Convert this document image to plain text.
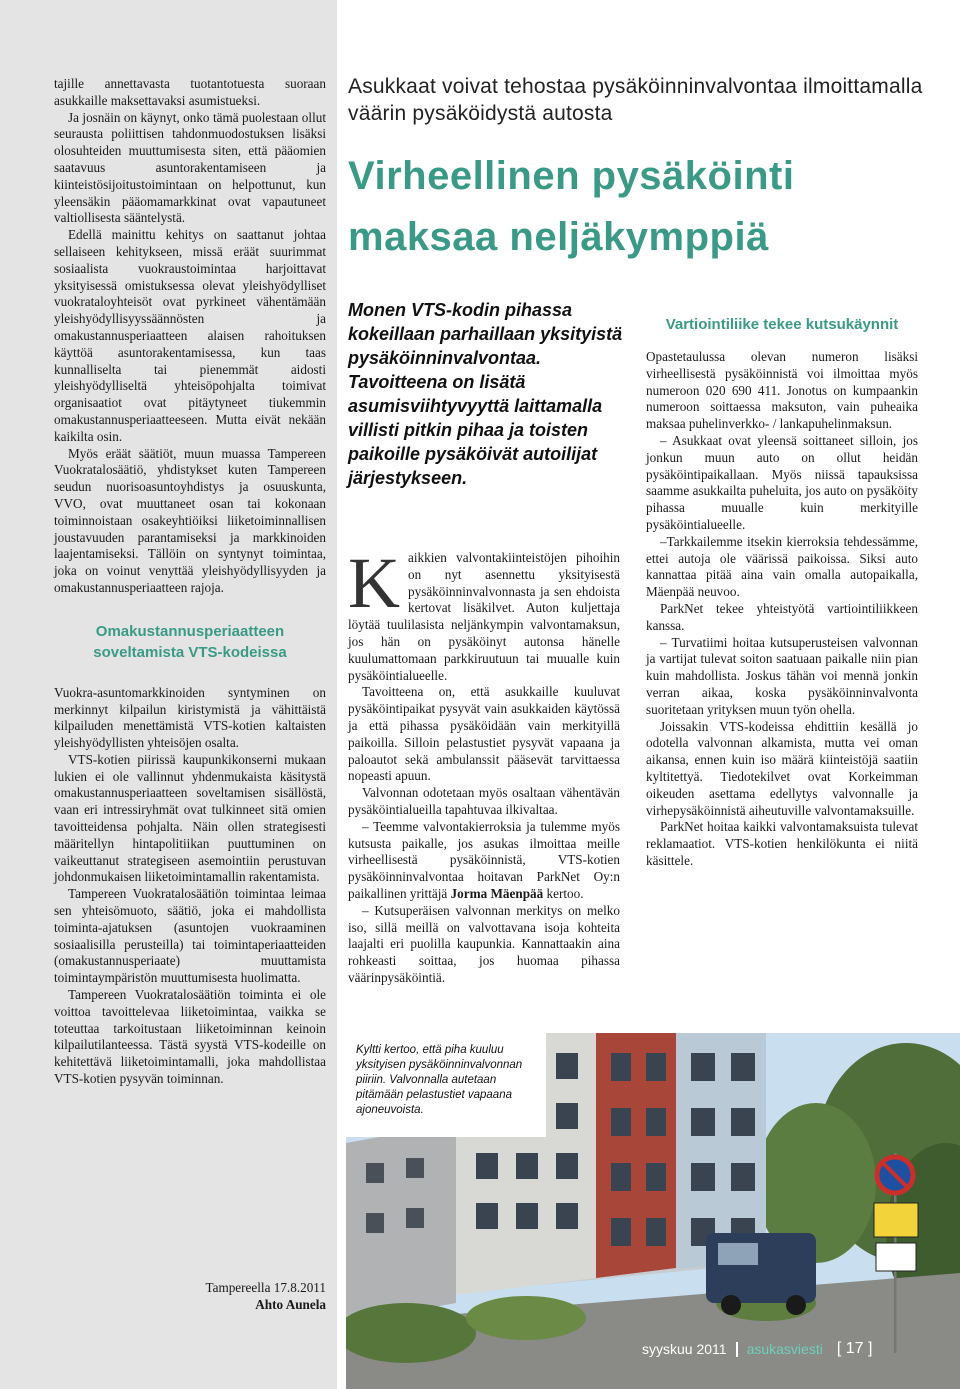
tajille annettavasta tuotantotuesta suoraan asukkaille maksettavaksi asumistueksi.

Ja josnäin on käynyt, onko tämä puolestaan ollut seurausta poliittisen tahdonmuodostuksen lisäksi olosuhteiden muuttumisesta siten, että pääomien saatavuus asuntorakentamiseen ja kiinteistösijoitustoimintaan on helpottunut, kun yleensäkin pääomamarkkinat ovat vapautuneet valtiollisesta sääntelystä.

Edellä mainittu kehitys on saattanut johtaa sellaiseen kehitykseen, missä eräät suurimmat sosiaalista vuokraustoimintaa harjoittavat yksityisessä omistuksessa olevat yleishyödylliset vuokrataloyhteisöt ovat pyrkineet vähentämään yleishyödyllisyyssäännösten ja omakustannusperiaatteen alaisen rahoituksen käyttöä asuntorakentamisessa, kun taas kunnalliselta tai pienemmät aidosti yleishyödylliseltä yhteisöpohjalta toimivat organisaatiot ovat pitäytyneet tiukemmin omakustannusperiaatteeseen. Mutta eivät nekään kaikilta osin.

Myös eräät säätiöt, muun muassa Tampereen Vuokratalosäätiö, yhdistykset kuten Tampereen seudun nuorisoasuntoyhdistys ja osuuskunta, VVO, ovat muuttaneet osan tai kokonaan toiminnoistaan osakeyhtiöiksi liiketoiminnallisen joustavuuden parantamiseksi ja markkinoiden laajentamiseksi. Tällöin on syntynyt toimintaa, joka on voinut venyttää yleishyödyllisyyden ja omakustannusperiaatteen rajoja.

Omakustannusperiaatteen soveltamista VTS-kodeissa

Vuokra-asuntomarkkinoiden syntyminen on merkinnyt kilpailun kiristymistä ja vähittäistä kilpailuden menettämistä VTS-kotien kaltaisten yleishyödyllisten yhteisöjen osalta.

VTS-kotien piirissä kaupunkikonserni mukaan lukien ei ole vallinnut yhdenmukaista käsitystä omakustannusperiaatteen soveltamisen sisällöstä, vaan eri intressiryhmät ovat tulkinneet sitä omien tavoitteidensa pohjalta. Näin ollen strategisesti määritellyn hintapolitiikan puuttuminen on vaikeuttanut strategiseen asemointiin perustuvan johdonmukaisen liiketoimintamallin rakentamista.

Tampereen Vuokratalosäätiön toimintaa leimaa sen yhteisömuoto, säätiö, joka ei mahdollista toiminta-ajatuksen (asuntojen vuokraaminen sosiaalisilla perusteilla) tai toimintaperiaatteiden (omakustannusperiaate) muuttamista toimintaympäristön muuttumisesta huolimatta.

Tampereen Vuokratalosäätiön toiminta ei ole voittoa tavoittelevaa liiketoimintaa, vaikka se toteuttaa tarkoitustaan liiketoiminnan keinoin kilpailutilanteessa. Tästä syystä VTS-kodeille on kehitettävä liiketoimintamalli, joka mahdollistaa VTS-kotien pysyvän toiminnan.

Tampereella 17.8.2011
Ahto Aunela
Asukkaat voivat tehostaa pysäköinninvalvontaa ilmoittamalla väärin pysäköidystä autosta
Virheellinen pysäköinti
maksaa neljäkymppiä
Monen VTS-kodin pihassa kokeillaan parhaillaan yksityistä pysäköinninvalvontaa. Tavoitteena on lisätä asumisviihtyvyyttä laittamalla villisti pitkin pihaa ja toisten paikoille pysäköivät autoilijat järjestykseen.

Kaikkien valvontakiinteistöjen pihoihin on nyt asennettu yksityisestä pysäköinninvalvonnasta ja sen ehdoista kertovat lisäkilvet. Auton kuljettaja löytää tuulilasista neljänkympin valvontamaksun, jos hän on pysäköinyt autonsa hänelle kuulumattomaan parkkiruutuun tai muualle kuin pysäköintialueelle.

Tavoitteena on, että asukkaille kuuluvat pysäköintipaikat pysyvät vain asukkaiden käytössä ja että pihassa pysäköidään vain merkityillä paikoilla. Silloin pelastustiet pysyvät vapaana ja paloautot sekä ambulanssit pääsevät tarvittaessa nopeasti apuun.

Valvonnan odotetaan myös osaltaan vähentävän pysäköintialueilla tapahtuvaa ilkivaltaa.

– Teemme valvontakierroksia ja tulemme myös kutsusta paikalle, jos asukas ilmoittaa meille virheellisestä pysäköinnistä, VTS-kotien pysäköinninvalvontaa hoitavan ParkNet Oy:n paikallinen yrittäjä Jorma Mäenpää kertoo.

– Kutsuperäisen valvonnan merkitys on melko iso, sillä meillä on valvottavana isoja kohteita laajalti eri puolilla kaupunkia. Kannattaakin aina rohkeasti soittaa, jos huomaa pihassa väärinpysäköintiä.

Vartiointiliike tekee kutsukäynnit

Opastetaulussa olevan numeron lisäksi virheellisestä pysäköinnistä voi ilmoittaa myös numeroon 020 690 411. Jonotus on kumpaankin numeroon soittaessa maksuton, vain puheaika maksaa puhelinverkko- / lankapuhelinmaksun.

– Asukkaat ovat yleensä soittaneet silloin, jos jonkun muun auto on ollut heidän pysäköintipaikallaan. Myös niissä tapauksissa saamme asukkailta puheluita, jos auto on pysäköity pihassa muualle kuin merkityille pysäköintialueelle.

–Tarkkailemme itsekin kierroksia tehdessämme, ettei autoja ole väärissä paikoissa. Siksi auto kannattaa pitää aina vain omalla autopaikalla, Mäenpää neuvoo.

ParkNet tekee yhteistyötä vartiointiliikkeen kanssa.

– Turvatiimi hoitaa kutsuperusteisen valvonnan ja vartijat tulevat soiton saatuaan paikalle niin pian kuin mahdollista. Joskus tähän voi mennä jonkin verran aikaa, koska pysäköinninvalvonta suoritetaan yrityksen muun työn ohella.

Joissakin VTS-kodeissa ehdittiin kesällä jo odotella valvonnan alkamista, mutta vei oman aikansa, ennen kuin iso määrä kiinteistöjä saatiin kyltitettyä. Tiedotekilvet ovat Korkeimman oikeuden asettama edellytys valvonnalle ja virhepysäköinnistä aiheutuville valvontamaksuille.

ParkNet hoitaa kaikki valvontamaksuista tulevat reklamaatiot. VTS-kotien henkilökunta ei niitä käsittele.

Kyltti kertoo, että piha kuuluu yksityisen pysäköinninvalvonnan piiriin. Valvonnalla autetaan pitämään pelastustiet vapaana ajoneuvoista.
syyskuu 2011 asukasviesti [ 17 ]
